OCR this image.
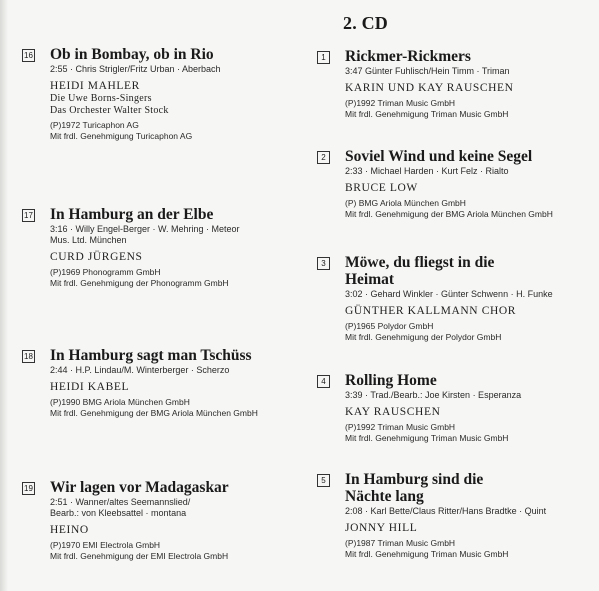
2. CD
16 Ob in Bombay, ob in Rio
2:55 · Chris Strigler/Fritz Urban · Aberbach
HEIDI MAHLER
Die Uwe Borns-Singers
Das Orchester Walter Stock
(P)1972 Turicaphon AG
Mit frdl. Genehmigung Turicaphon AG
17 In Hamburg an der Elbe
3:16 · Willy Engel-Berger · W. Mehring · Meteor
Mus. Ltd. München
CURD JÜRGENS
(P)1969 Phonogramm GmbH
Mit frdl. Genehmigung der Phonogramm GmbH
18 In Hamburg sagt man Tschüss
2:44 · H.P. Lindau/M. Winterberger · Scherzo
HEIDI KABEL
(P)1990 BMG Ariola München GmbH
Mit frdl. Genehmigung der BMG Ariola München GmbH
19 Wir lagen vor Madagaskar
2:51 · Wanner/altes Seemannslied/
Bearb.: von Kleebsattel · montana
HEINO
(P)1970 EMI Electrola GmbH
Mit frdl. Genehmigung der EMI Electrola GmbH
1 Rickmer-Rickmers
3:47 Günter Fuhlisch/Hein Timm · Triman
KARIN UND KAY RAUSCHEN
(P)1992 Triman Music GmbH
Mit frdl. Genehmigung Triman Music GmbH
2 Soviel Wind und keine Segel
2:33 · Michael Harden · Kurt Felz · Rialto
BRUCE LOW
(P) BMG Ariola München GmbH
Mit frdl. Genehmigung der BMG Ariola München GmbH
3 Möwe, du fliegst in die
Heimat
3:02 · Gehard Winkler · Günter Schwenn · H. Funke
GÜNTHER KALLMANN CHOR
(P)1965 Polydor GmbH
Mit frdl. Genehmigung der Polydor GmbH
4 Rolling Home
3:39 · Trad./Bearb.: Joe Kirsten · Esperanza
KAY RAUSCHEN
(P)1992 Triman Music GmbH
Mit frdl. Genehmigung Triman Music GmbH
5 In Hamburg sind die
Nächte lang
2:08 · Karl Bette/Claus Ritter/Hans Bradtke · Quint
JONNY HILL
(P)1987 Triman Music GmbH
Mit frdl. Genehmigung Triman Music GmbH
